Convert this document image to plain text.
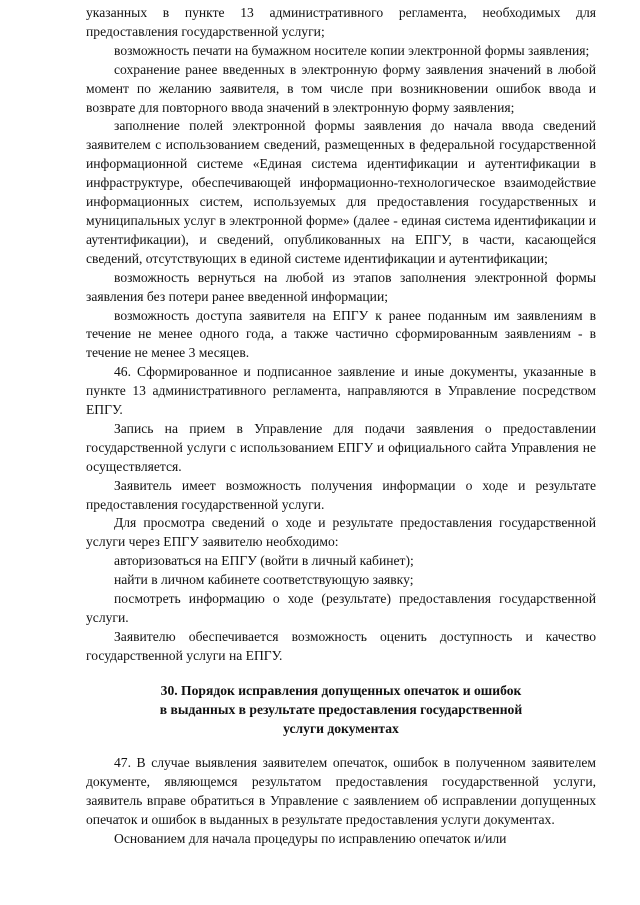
указанных в пункте 13 административного регламента, необходимых для предоставления государственной услуги;

возможность печати на бумажном носителе копии электронной формы заявления;

сохранение ранее введенных в электронную форму заявления значений в любой момент по желанию заявителя, в том числе при возникновении ошибок ввода и возврате для повторного ввода значений в электронную форму заявления;

заполнение полей электронной формы заявления до начала ввода сведений заявителем с использованием сведений, размещенных в федеральной государственной информационной системе «Единая система идентификации и аутентификации в инфраструктуре, обеспечивающей информационно-технологическое взаимодействие информационных систем, используемых для предоставления государственных и муниципальных услуг в электронной форме» (далее - единая система идентификации и аутентификации), и сведений, опубликованных на ЕПГУ, в части, касающейся сведений, отсутствующих в единой системе идентификации и аутентификации;

возможность вернуться на любой из этапов заполнения электронной формы заявления без потери ранее введенной информации;

возможность доступа заявителя на ЕПГУ к ранее поданным им заявлениям в течение не менее одного года, а также частично сформированным заявлениям - в течение не менее 3 месяцев.

46. Сформированное и подписанное заявление и иные документы, указанные в пункте 13 административного регламента, направляются в Управление посредством ЕПГУ.

Запись на прием в Управление для подачи заявления о предоставлении государственной услуги с использованием ЕПГУ и официального сайта Управления не осуществляется.

Заявитель имеет возможность получения информации о ходе и результате предоставления государственной услуги.

Для просмотра сведений о ходе и результате предоставления государственной услуги через ЕПГУ заявителю необходимо:

авторизоваться на ЕПГУ (войти в личный кабинет);

найти в личном кабинете соответствующую заявку;

посмотреть информацию о ходе (результате) предоставления государственной услуги.

Заявителю обеспечивается возможность оценить доступность и качество государственной услуги на ЕПГУ.

30. Порядок исправления допущенных опечаток и ошибок
в выданных в результате предоставления государственной
услуги документах

47. В случае выявления заявителем опечаток, ошибок в полученном заявителем документе, являющемся результатом предоставления государственной услуги, заявитель вправе обратиться в Управление с заявлением об исправлении допущенных опечаток и ошибок в выданных в результате предоставления услуги документах.

Основанием для начала процедуры по исправлению опечаток и/или
